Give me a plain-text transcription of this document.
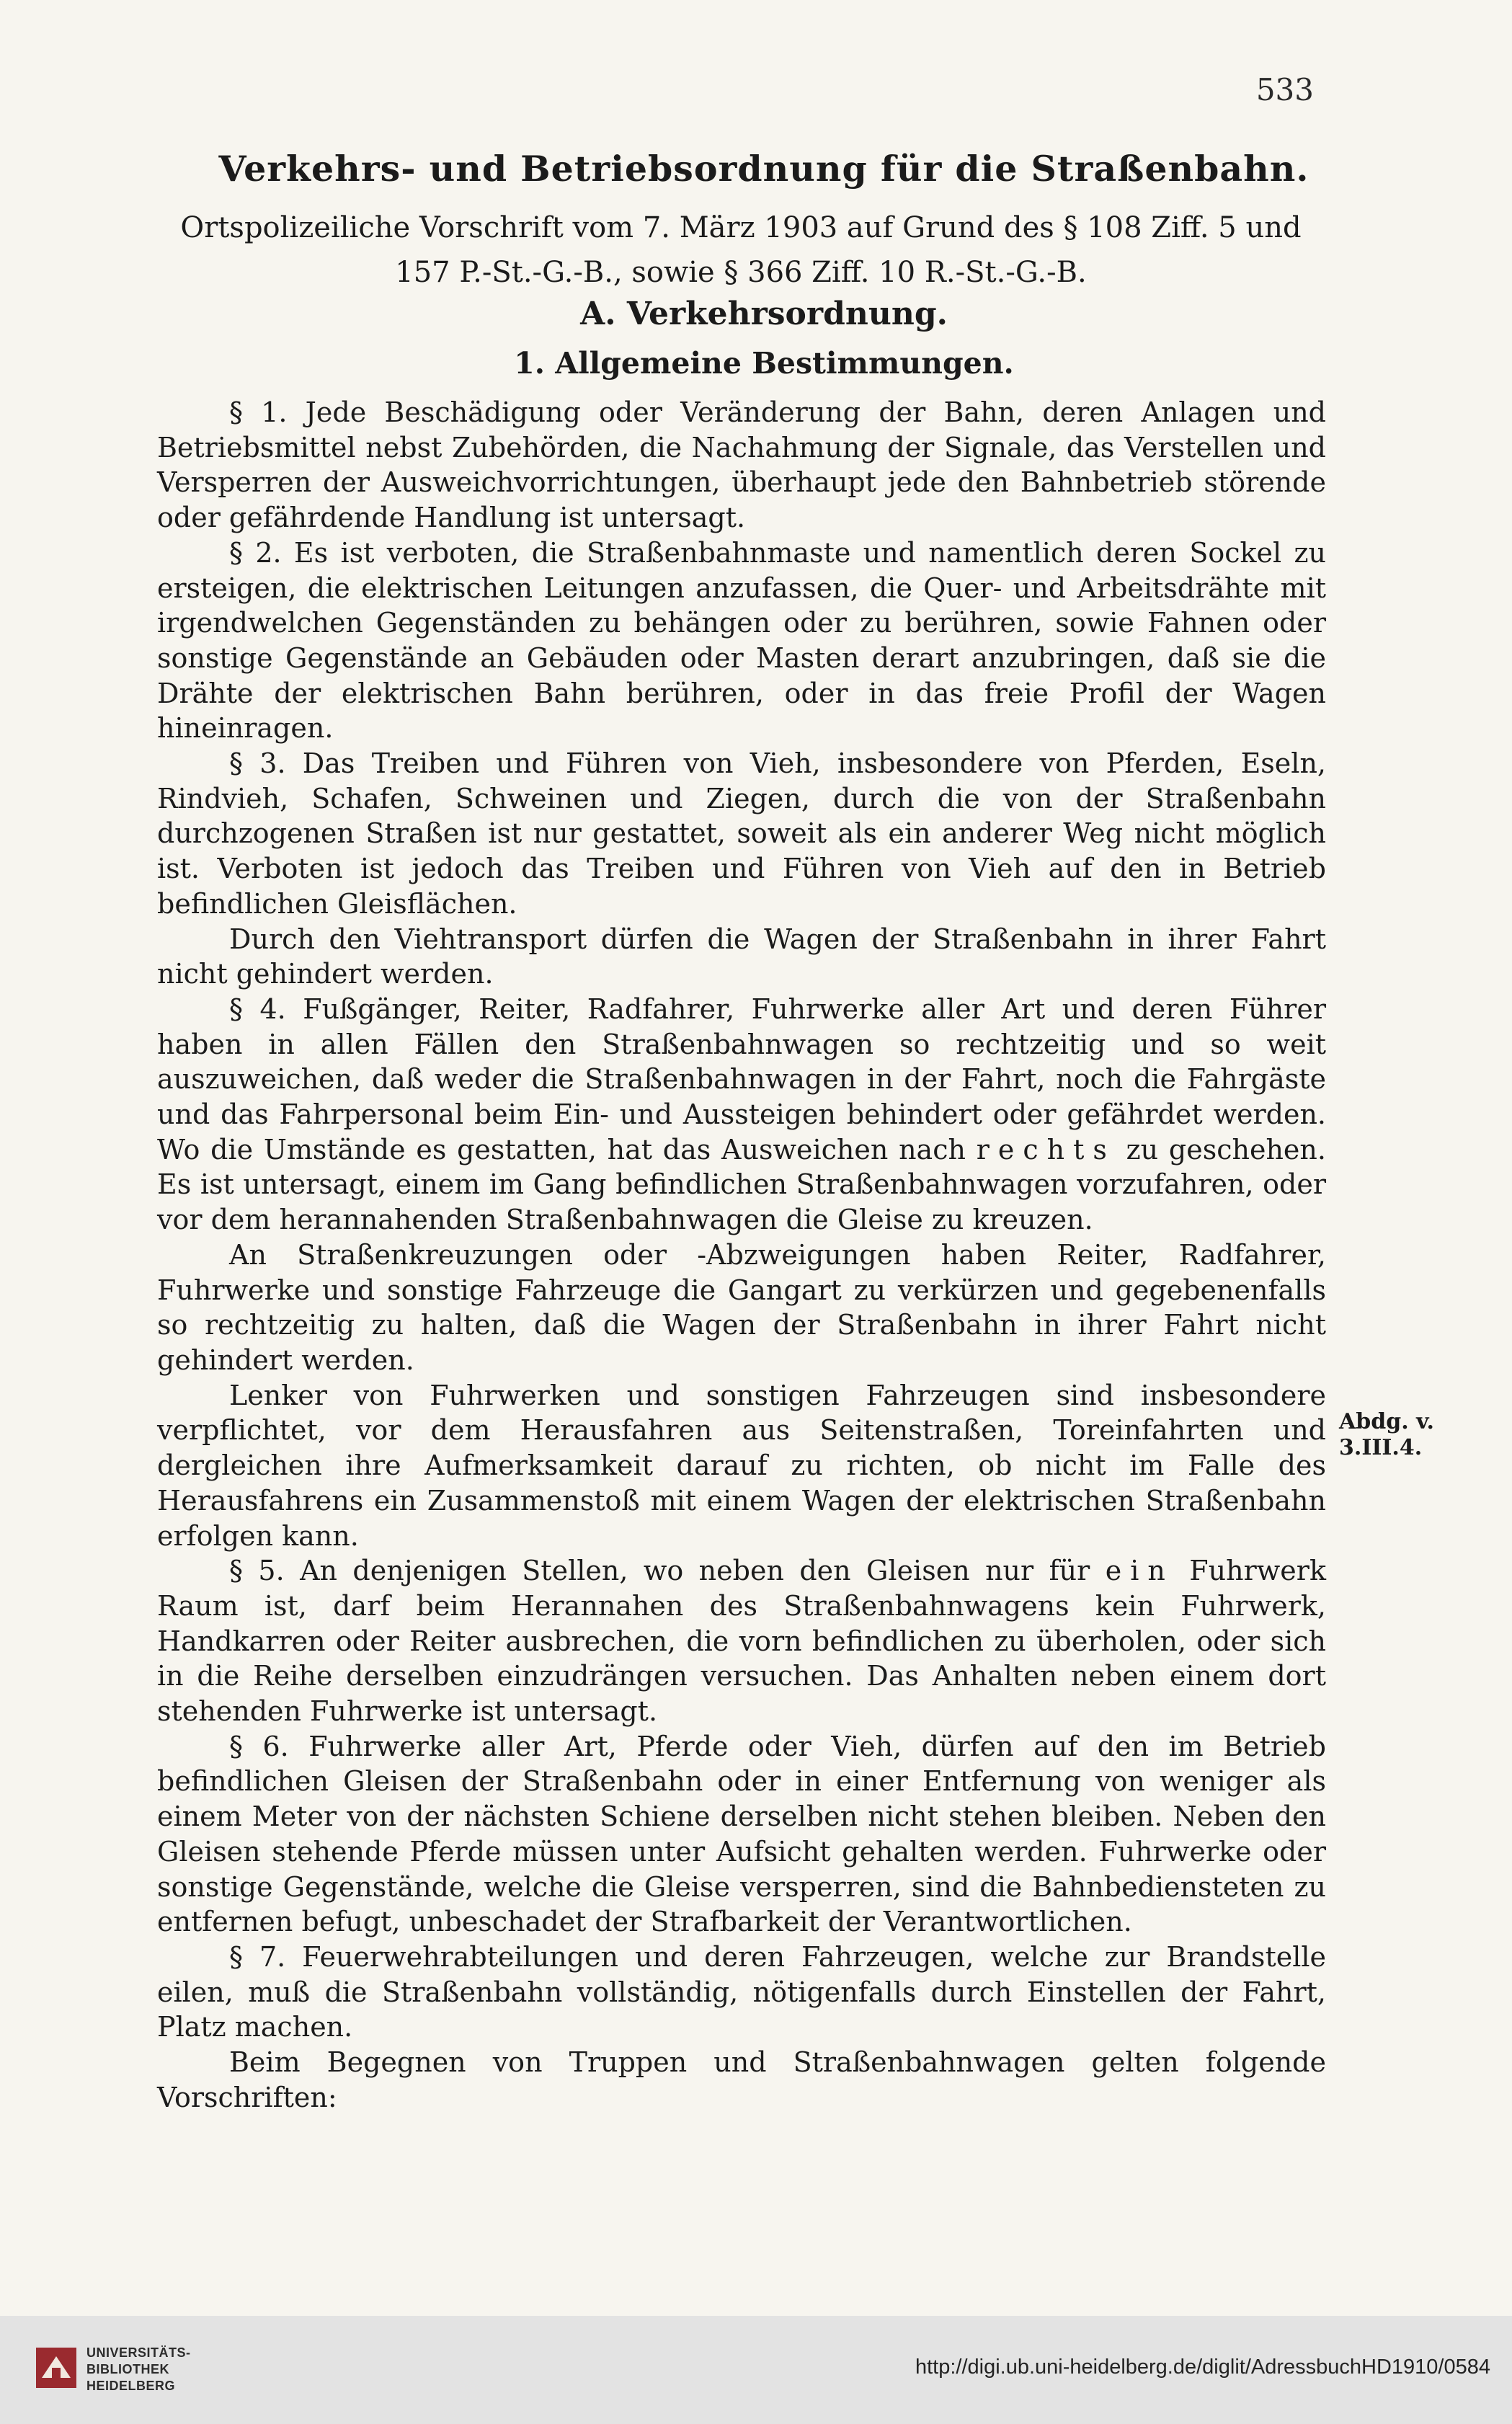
533
Verkehrs- und Betriebsordnung für die Straßenbahn.
Ortspolizeiliche Vorschrift vom 7. März 1903 auf Grund des § 108 Ziff. 5 und 157 P.-St.-G.-B., sowie § 366 Ziff. 10 R.-St.-G.-B.
A. Verkehrsordnung.
1. Allgemeine Bestimmungen.

§ 1. Jede Beschädigung oder Veränderung der Bahn, deren Anlagen und Betriebsmittel nebst Zubehörden, die Nachahmung der Signale, das Verstellen und Versperren der Ausweichvorrichtungen, überhaupt jede den Bahnbetrieb störende oder gefährdende Handlung ist untersagt.

§ 2. Es ist verboten, die Straßenbahnmaste und namentlich deren Sockel zu ersteigen, die elektrischen Leitungen anzufassen, die Quer- und Arbeitsdrähte mit irgendwelchen Gegenständen zu behängen oder zu berühren, sowie Fahnen oder sonstige Gegenstände an Gebäuden oder Masten derart anzubringen, daß sie die Drähte der elektrischen Bahn berühren, oder in das freie Profil der Wagen hineinragen.

§ 3. Das Treiben und Führen von Vieh, insbesondere von Pferden, Eseln, Rindvieh, Schafen, Schweinen und Ziegen, durch die von der Straßenbahn durchzogenen Straßen ist nur gestattet, soweit als ein anderer Weg nicht möglich ist. Verboten ist jedoch das Treiben und Führen von Vieh auf den in Betrieb befindlichen Gleisflächen.

Durch den Viehtransport dürfen die Wagen der Straßenbahn in ihrer Fahrt nicht gehindert werden.

§ 4. Fußgänger, Reiter, Radfahrer, Fuhrwerke aller Art und deren Führer haben in allen Fällen den Straßenbahnwagen so rechtzeitig und so weit auszuweichen, daß weder die Straßenbahnwagen in der Fahrt, noch die Fahrgäste und das Fahrpersonal beim Ein- und Aussteigen behindert oder gefährdet werden. Wo die Umstände es gestatten, hat das Ausweichen nach rechts zu geschehen. Es ist untersagt, einem im Gang befindlichen Straßenbahnwagen vorzufahren, oder vor dem herannahenden Straßenbahnwagen die Gleise zu kreuzen.

An Straßenkreuzungen oder -Abzweigungen haben Reiter, Radfahrer, Fuhrwerke und sonstige Fahrzeuge die Gangart zu verkürzen und gegebenenfalls so rechtzeitig zu halten, daß die Wagen der Straßenbahn in ihrer Fahrt nicht gehindert werden.

Lenker von Fuhrwerken und sonstigen Fahrzeugen sind insbesondere verpflichtet, vor dem Herausfahren aus Seitenstraßen, Toreinfahrten und dergleichen ihre Aufmerksamkeit darauf zu richten, ob nicht im Falle des Herausfahrens ein Zusammenstoß mit einem Wagen der elektrischen Straßenbahn erfolgen kann.

§ 5. An denjenigen Stellen, wo neben den Gleisen nur für ein Fuhrwerk Raum ist, darf beim Herannahen des Straßenbahnwagens kein Fuhrwerk, Handkarren oder Reiter ausbrechen, die vorn befindlichen zu überholen, oder sich in die Reihe derselben einzudrängen versuchen. Das Anhalten neben einem dort stehenden Fuhrwerke ist untersagt.

§ 6. Fuhrwerke aller Art, Pferde oder Vieh, dürfen auf den im Betrieb befindlichen Gleisen der Straßenbahn oder in einer Entfernung von weniger als einem Meter von der nächsten Schiene derselben nicht stehen bleiben. Neben den Gleisen stehende Pferde müssen unter Aufsicht gehalten werden. Fuhrwerke oder sonstige Gegenstände, welche die Gleise versperren, sind die Bahnbediensteten zu entfernen befugt, unbeschadet der Strafbarkeit der Verantwortlichen.

§ 7. Feuerwehrabteilungen und deren Fahrzeugen, welche zur Brandstelle eilen, muß die Straßenbahn vollständig, nötigenfalls durch Einstellen der Fahrt, Platz machen.

Beim Begegnen von Truppen und Straßenbahnwagen gelten folgende Vorschriften:

Abdg. v.
3.III.4.
UNIVERSITÄTS-
BIBLIOTHEK
HEIDELBERG
http://digi.ub.uni-heidelberg.de/diglit/AdressbuchHD1910/0584
